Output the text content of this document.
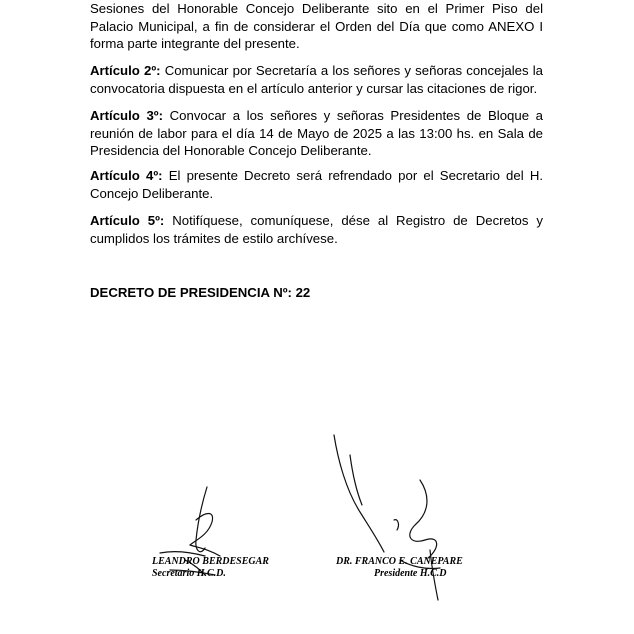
Sesiones del Honorable Concejo Deliberante sito en el Primer Piso del Palacio Municipal, a fin de considerar el Orden del Día que como ANEXO I forma parte integrante del presente.

Artículo 2º: Comunicar por Secretaría a los señores y señoras concejales la convocatoria dispuesta en el artículo anterior y cursar las citaciones de rigor.

Artículo 3º: Convocar a los señores y señoras Presidentes de Bloque a reunión de labor para el día 14 de Mayo de 2025 a las 13:00 hs. en Sala de Presidencia del Honorable Concejo Deliberante.

Artículo 4º: El presente Decreto será refrendado por el Secretario del H. Concejo Deliberante.

Artículo 5º: Notifíquese, comuníquese, dése al Registro de Decretos y cumplidos los trámites de estilo archívese.

DECRETO DE PRESIDENCIA Nº: 22
LEANDRO BERDESEGAR
Secretario H.C.D.
DR. FRANCO E. CANEPARE
Presidente H.C.D
